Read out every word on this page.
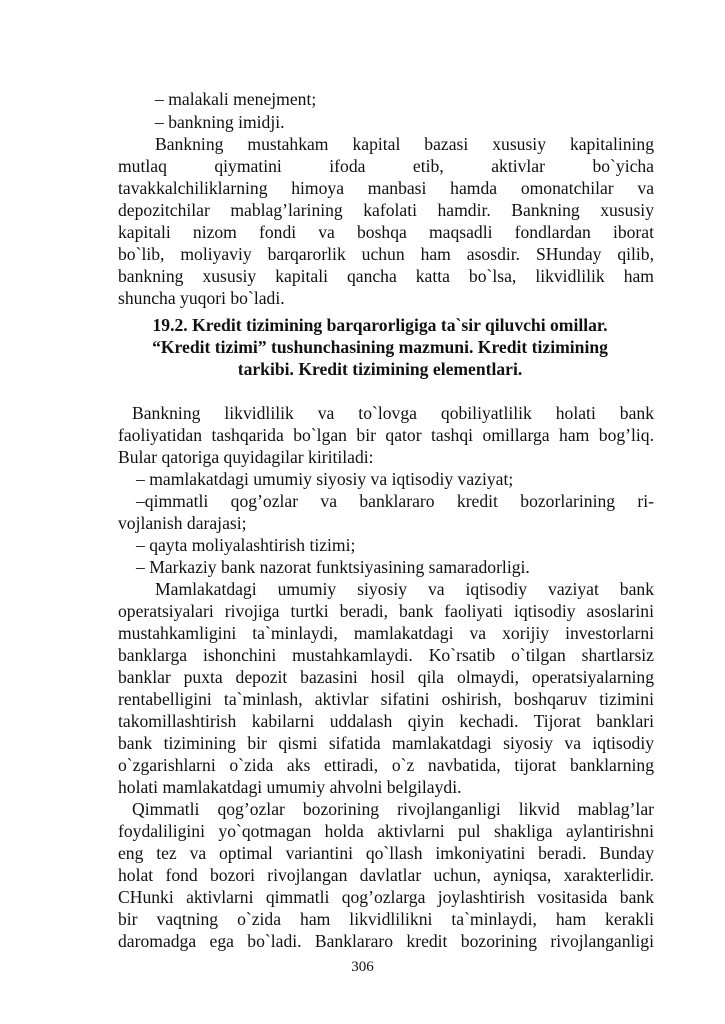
– malakali menejment;
– bankning imidji.
Bankning mustahkam kapital bazasi xususiy kapitalining
mutlaq qiymatini ifoda etib, aktivlar bo`yicha
tavakkalchiliklarning himoya manbasi hamda omonatchilar va
depozitchilar mablag’larining kafolati hamdir. Bankning xususiy
kapitali nizom fondi va boshqa maqsadli fondlardan iborat
bo`lib, moliyaviy barqarorlik uchun ham asosdir. SHunday qilib,
bankning xususiy kapitali qancha katta bo`lsa, likvidlilik ham
shuncha yuqori bo`ladi.
19.2. Kredit tizimining barqarorligiga ta`sir qiluvchi omillar.
“Kredit tizimi” tushunchasining mazmuni. Kredit tizimining
tarkibi. Kredit tizimining elementlari.
Bankning likvidlilik va to`lovga qobiliyatlilik holati bank
faoliyatidan tashqarida bo`lgan bir qator tashqi omillarga ham bog’liq.
Bular qatoriga quyidagilar kiritiladi:
– mamlakatdagi umumiy siyosiy va iqtisodiy vaziyat;
–qimmatli qog’ozlar va banklararo kredit bozorlarining ri-
vojlanish darajasi;
– qayta moliyalashtirish tizimi;
– Markaziy bank nazorat funktsiyasining samaradorligi.
Mamlakatdagi umumiy siyosiy va iqtisodiy vaziyat bank
operatsiyalari rivojiga turtki beradi, bank faoliyati iqtisodiy asoslarini
mustahkamligini ta`minlaydi, mamlakatdagi va xorijiy investorlarni
banklarga ishonchini mustahkamlaydi. Ko`rsatib o`tilgan shartlarsiz
banklar puxta depozit bazasini hosil qila olmaydi, operatsiyalarning
rentabelligini ta`minlash, aktivlar sifatini oshirish, boshqaruv tizimini
takomillashtirish kabilarni uddalash qiyin kechadi. Tijorat banklari
bank tizimining bir qismi sifatida mamlakatdagi siyosiy va iqtisodiy
o`zgarishlarni o`zida aks ettiradi, o`z navbatida, tijorat banklarning
holati mamlakatdagi umumiy ahvolni belgilaydi.
Qimmatli qog’ozlar bozorining rivojlanganligi likvid mablag’lar
foydaliligini yo`qotmagan holda aktivlarni pul shakliga aylantirishni
eng tez va optimal variantini qo`llash imkoniyatini beradi. Bunday
holat fond bozori rivojlangan davlatlar uchun, ayniqsa, xarakterlidir.
CHunki aktivlarni qimmatli qog’ozlarga joylashtirish vositasida bank
bir vaqtning o`zida ham likvidlilikni ta`minlaydi, ham kerakli
daromadga ega bo`ladi. Banklararo kredit bozorining rivojlanganligi
306
